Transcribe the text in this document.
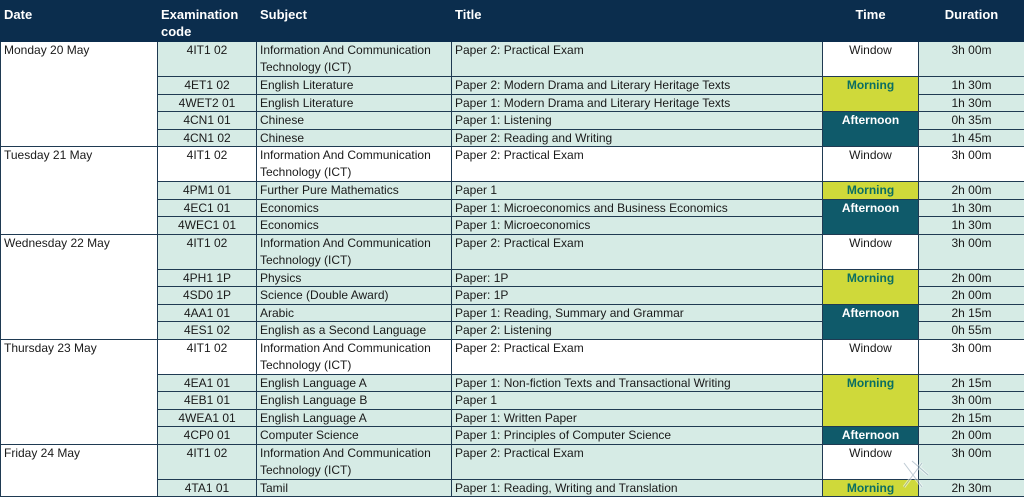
Date	Examination code	Subject	Title	Time	Duration
Monday 20 May	4IT1 02	Information And Communication Technology (ICT)	Paper 2: Practical Exam	Window	3h 00m
	4ET1 02	English Literature	Paper 2: Modern Drama and Literary Heritage Texts	Morning	1h 30m
	4WET2 01	English Literature	Paper 1: Modern Drama and Literary Heritage Texts		1h 30m
	4CN1 01	Chinese	Paper 1: Listening	Afternoon	0h 35m
	4CN1 02	Chinese	Paper 2: Reading and Writing		1h 45m
Tuesday 21 May	4IT1 02	Information And Communication Technology (ICT)	Paper 2: Practical Exam	Window	3h 00m
	4PM1 01	Further Pure Mathematics	Paper 1	Morning	2h 00m
	4EC1 01	Economics	Paper 1: Microeconomics and Business Economics	Afternoon	1h 30m
	4WEC1 01	Economics	Paper 1: Microeconomics		1h 30m
Wednesday 22 May	4IT1 02	Information And Communication Technology (ICT)	Paper 2: Practical Exam	Window	3h 00m
	4PH1 1P	Physics	Paper: 1P	Morning	2h 00m
	4SD0 1P	Science (Double Award)	Paper: 1P		2h 00m
	4AA1 01	Arabic	Paper 1: Reading, Summary and Grammar	Afternoon	2h 15m
	4ES1 02	English as a Second Language	Paper 2: Listening		0h 55m
Thursday 23 May	4IT1 02	Information And Communication Technology (ICT)	Paper 2: Practical Exam	Window	3h 00m
	4EA1 01	English Language A	Paper 1: Non-fiction Texts and Transactional Writing	Morning	2h 15m
	4EB1 01	English Language B	Paper 1		3h 00m
	4WEA1 01	English Language A	Paper 1: Written Paper		2h 15m
	4CP0 01	Computer Science	Paper 1: Principles of Computer Science	Afternoon	2h 00m
Friday 24 May	4IT1 02	Information And Communication Technology (ICT)	Paper 2: Practical Exam	Window	3h 00m
	4TA1 01	Tamil	Paper 1: Reading, Writing and Translation	Morning	2h 30m
